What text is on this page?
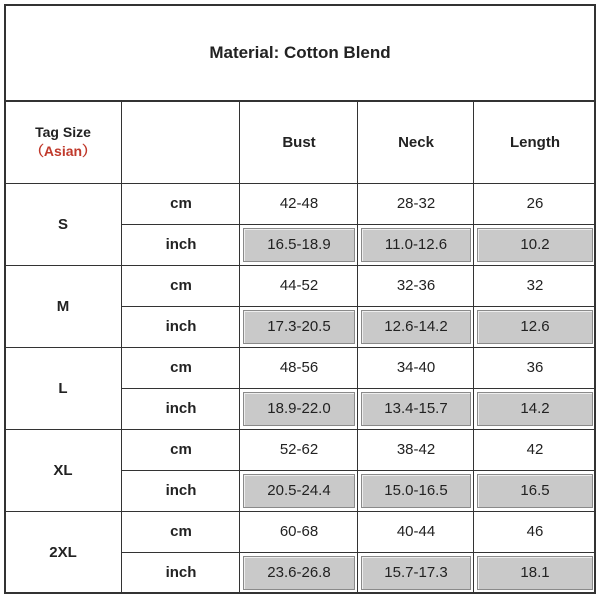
Material: Cotton Blend
Tag Size
（Asian）
Bust	Neck	Length
S
cm	42-48	28-32	26
inch	16.5-18.9	11.0-12.6	10.2
M
cm	44-52	32-36	32
inch	17.3-20.5	12.6-14.2	12.6
L
cm	48-56	34-40	36
inch	18.9-22.0	13.4-15.7	14.2
XL
cm	52-62	38-42	42
inch	20.5-24.4	15.0-16.5	16.5
2XL
cm	60-68	40-44	46
inch	23.6-26.8	15.7-17.3	18.1
